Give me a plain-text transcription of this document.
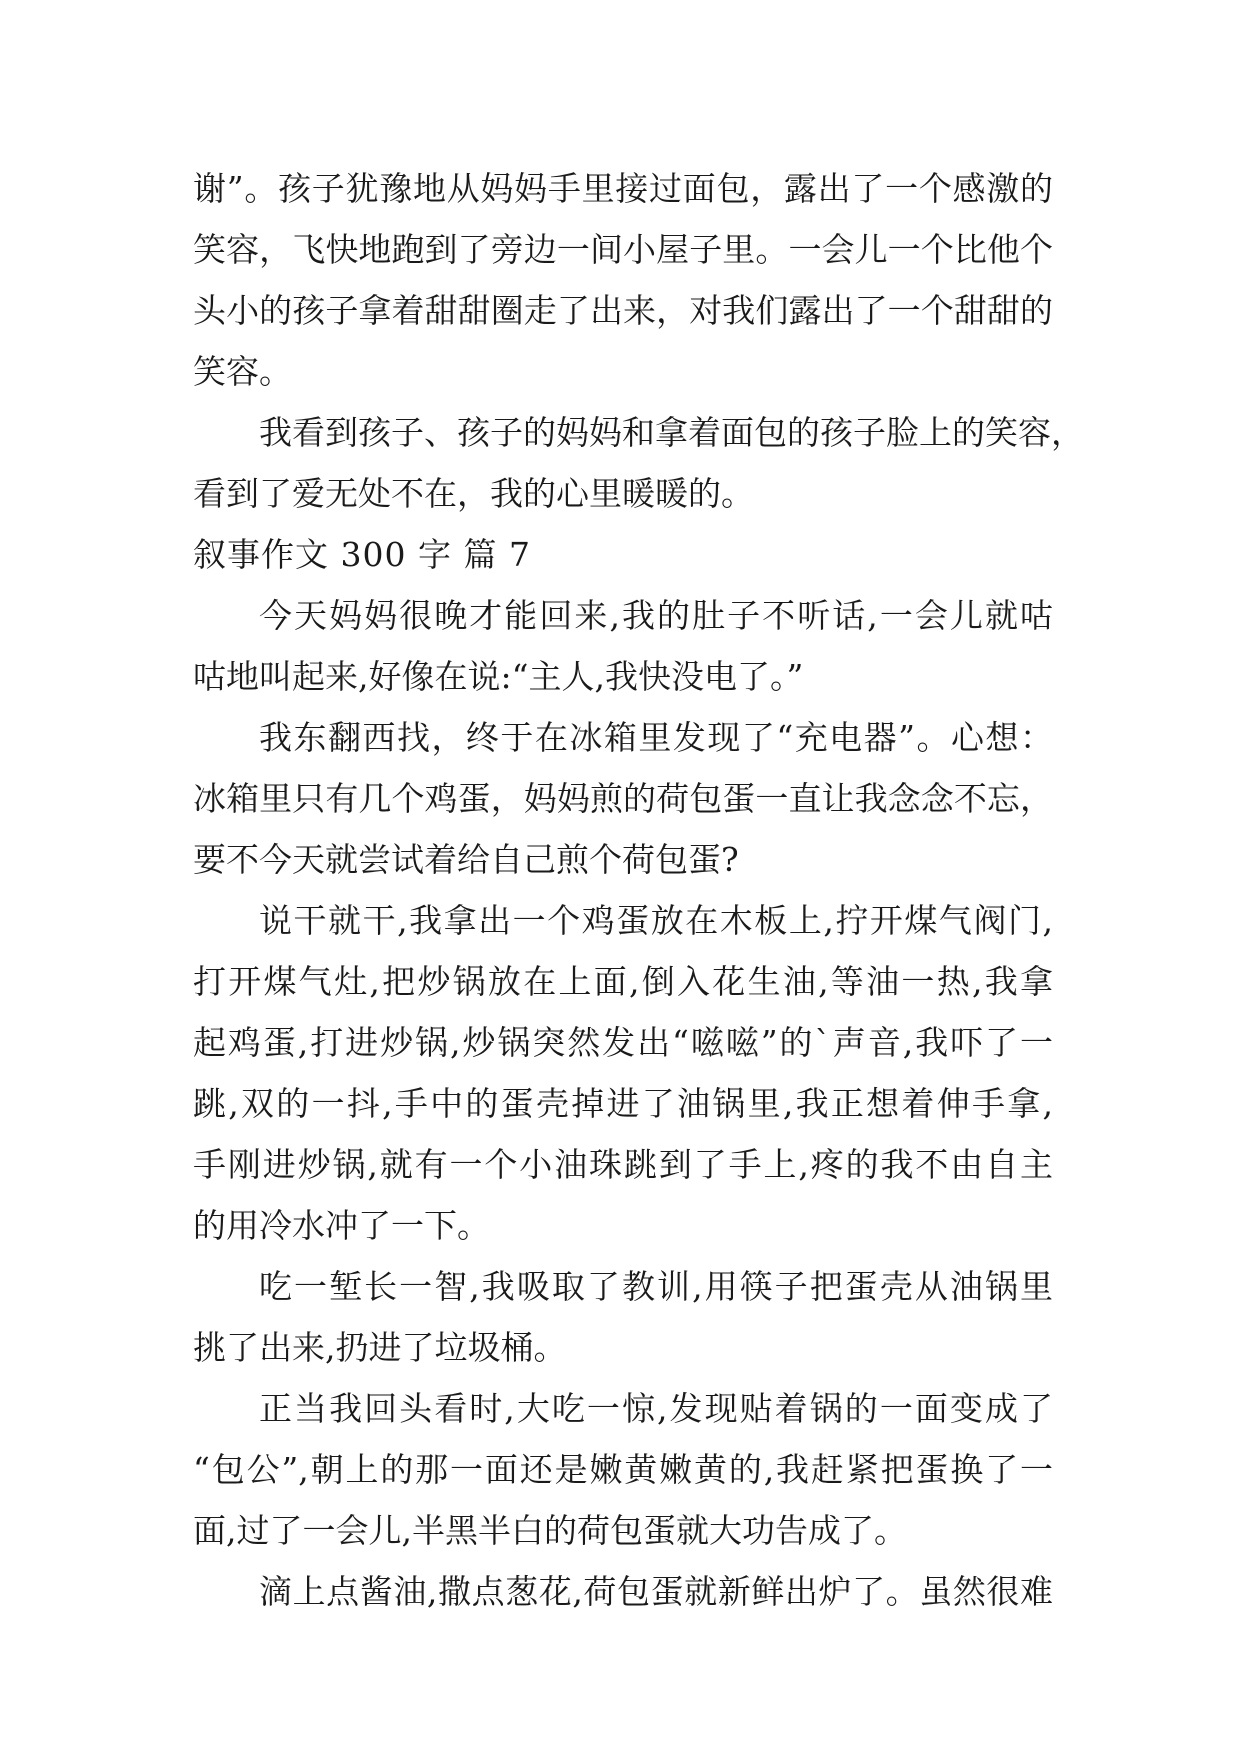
谢”。孩子犹豫地从妈妈手里接过面包，露出了一个感激的
笑容，飞快地跑到了旁边一间小屋子里。一会儿一个比他个
头小的孩子拿着甜甜圈走了出来，对我们露出了一个甜甜的
笑容。
我看到孩子、孩子的妈妈和拿着面包的孩子脸上的笑容，
看到了爱无处不在，我的心里暖暖的。
叙事作文 300 字 篇 7
今天妈妈很晚才能回来,我的肚子不听话,一会儿就咕
咕地叫起来,好像在说:“主人,我快没电了。”
我东翻西找，终于在冰箱里发现了“充电器”。心想：
冰箱里只有几个鸡蛋，妈妈煎的荷包蛋一直让我念念不忘，
要不今天就尝试着给自己煎个荷包蛋?
说干就干,我拿出一个鸡蛋放在木板上,拧开煤气阀门,
打开煤气灶,把炒锅放在上面,倒入花生油,等油一热,我拿
起鸡蛋,打进炒锅,炒锅突然发出“嗞嗞”的`声音,我吓了一
跳,双的一抖,手中的蛋壳掉进了油锅里,我正想着伸手拿,
手刚进炒锅,就有一个小油珠跳到了手上,疼的我不由自主
的用冷水冲了一下。
吃一堑长一智,我吸取了教训,用筷子把蛋壳从油锅里
挑了出来,扔进了垃圾桶。
正当我回头看时,大吃一惊,发现贴着锅的一面变成了
“包公”,朝上的那一面还是嫩黄嫩黄的,我赶紧把蛋换了一
面,过了一会儿,半黑半白的荷包蛋就大功告成了。
滴上点酱油,撒点葱花,荷包蛋就新鲜出炉了。虽然很难
